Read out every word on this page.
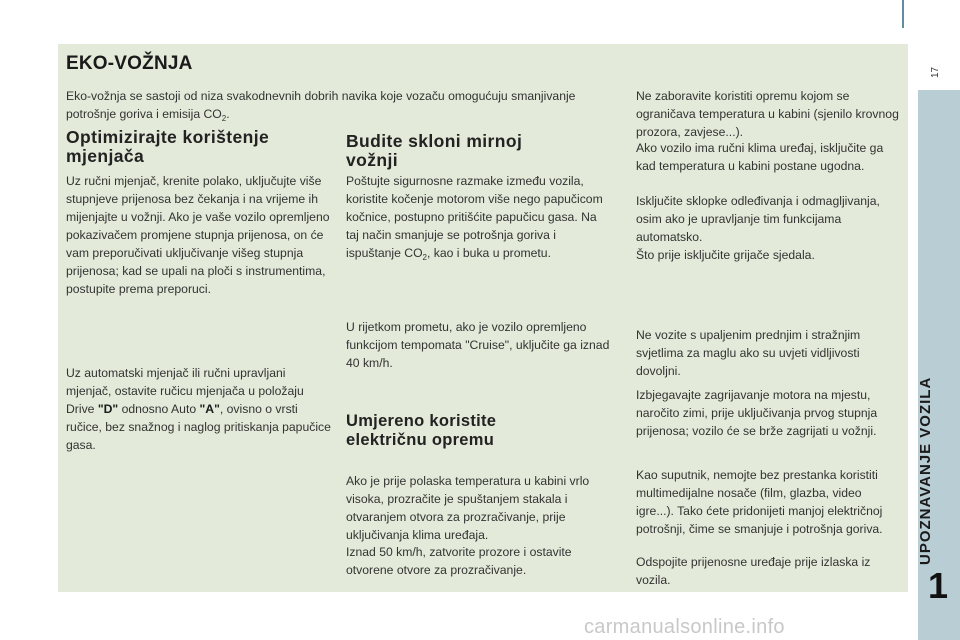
EKO-VOŽNJA

Eko-vožnja se sastoji od niza svakodnevnih dobrih navika koje vozaču omogućuju smanjivanje potrošnje goriva i emisija $CO_2$.

Optimizirajte korištenje
mjenjača

Uz ručni mjenjač, krenite polako, uključujte više stupnjeve prijenosa bez čekanja i na vrijeme ih mijenjajte u vožnji. Ako je vaše vozilo opremljeno pokazivačem promjene stupnja prijenosa, on će vam preporučivati uključivanje višeg stupnja prijenosa; kad se upali na ploči s instrumentima, postupite prema preporuci.

Uz automatski mjenjač ili ručni upravljani mjenjač, ostavite ručicu mjenjača u položaju Drive "D" odnosno Auto "A", ovisno o vrsti ručice, bez snažnog i naglog pritiskanja papučice gasa.

Budite skloni mirnoj
vožnji

Poštujte sigurnosne razmake između vozila, koristite kočenje motorom više nego papučicom kočnice, postupno pritišćite papučicu gasa. Na taj način smanjuje se potrošnja goriva i ispuštanje $CO_2$, kao i buka u prometu.

U rijetkom prometu, ako je vozilo opremljeno funkcijom tempomata "Cruise", uključite ga iznad 40 km/h.

Umjereno koristite
električnu opremu

Ako je prije polaska temperatura u kabini vrlo visoka, prozračite je spuštanjem stakala i otvaranjem otvora za prozračivanje, prije uključivanja klima uređaja.

Iznad 50 km/h, zatvorite prozore i ostavite otvorene otvore za prozračivanje.

Ne zaboravite koristiti opremu kojom se ograničava temperatura u kabini (sjenilo krovnog prozora, zavjese...).

Ako vozilo ima ručni klima uređaj, isključite ga kad temperatura u kabini postane ugodna.

Isključite sklopke odleđivanja i odmagljivanja, osim ako je upravljanje tim funkcijama automatsko.

Što prije isključite grijače sjedala.

Ne vozite s upaljenim prednjim i stražnjim svjetlima za maglu ako su uvjeti vidljivosti dovoljni.

Izbjegavajte zagrijavanje motora na mjestu, naročito zimi, prije uključivanja prvog stupnja prijenosa; vozilo će se brže zagrijati u vožnji.

Kao suputnik, nemojte bez prestanka koristiti multimedijalne nosače (film, glazba, video igre...). Tako ćete pridonijeti manjoj električnoj potrošnji, čime se smanjuje i potrošnja goriva.

Odspojite prijenosne uređaje prije izlaska iz vozila.

17
UPOZNAVANJE VOZILA
1
carmanualsonline.info
